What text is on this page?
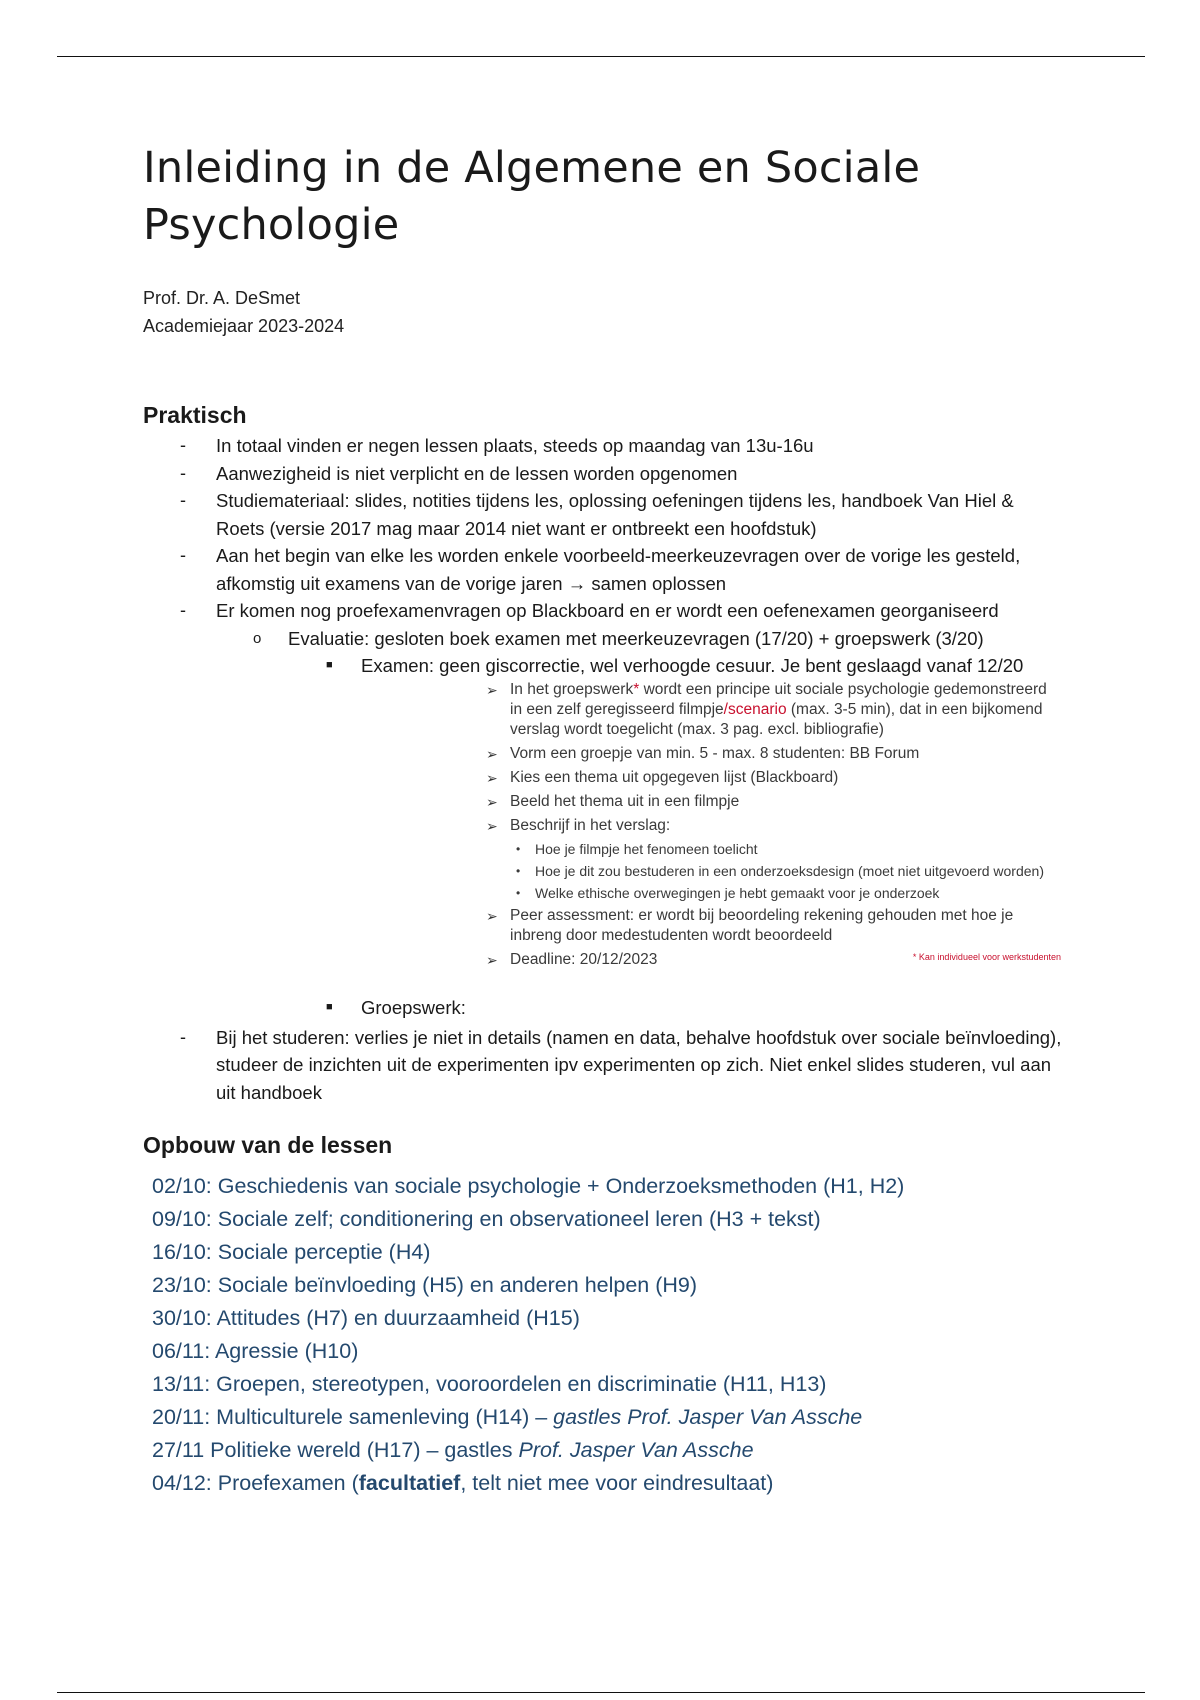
Inleiding in de Algemene en Sociale Psychologie
Prof. Dr. A. DeSmet
Academiejaar 2023-2024
Praktisch
- In totaal vinden er negen lessen plaats, steeds op maandag van 13u-16u
- Aanwezigheid is niet verplicht en de lessen worden opgenomen
- Studiemateriaal: slides, notities tijdens les, oplossing oefeningen tijdens les, handboek Van Hiel & Roets (versie 2017 mag maar 2014 niet want er ontbreekt een hoofdstuk)
- Aan het begin van elke les worden enkele voorbeeld-meerkeuzevragen over de vorige les gesteld, afkomstig uit examens van de vorige jaren → samen oplossen
- Er komen nog proefexamenvragen op Blackboard en er wordt een oefenexamen georganiseerd
o Evaluatie: gesloten boek examen met meerkeuzevragen (17/20) + groepswerk (3/20)
■ Examen: geen giscorrectie, wel verhoogde cesuur. Je bent geslaagd vanaf 12/20
■ Groepswerk:
➢ In het groepswerk* wordt een principe uit sociale psychologie gedemonstreerd in een zelf geregisseerd filmpje/scenario (max. 3-5 min), dat in een bijkomend verslag wordt toegelicht (max. 3 pag. excl. bibliografie)
➢ Vorm een groepje van min. 5 - max. 8 studenten: BB Forum
➢ Kies een thema uit opgegeven lijst (Blackboard)
➢ Beeld het thema uit in een filmpje
➢ Beschrijf in het verslag:
• Hoe je filmpje het fenomeen toelicht
• Hoe je dit zou bestuderen in een onderzoeksdesign (moet niet uitgevoerd worden)
• Welke ethische overwegingen je hebt gemaakt voor je onderzoek
➢ Peer assessment: er wordt bij beoordeling rekening gehouden met hoe je inbreng door medestudenten wordt beoordeeld
➢ Deadline: 20/12/2023	* Kan individueel voor werkstudenten
- Bij het studeren: verlies je niet in details (namen en data, behalve hoofdstuk over sociale beïnvloeding), studeer de inzichten uit de experimenten ipv experimenten op zich. Niet enkel slides studeren, vul aan uit handboek
Opbouw van de lessen
02/10: Geschiedenis van sociale psychologie + Onderzoeksmethoden (H1, H2)
09/10: Sociale zelf; conditionering en observationeel leren (H3 + tekst)
16/10: Sociale perceptie (H4)
23/10: Sociale beïnvloeding (H5) en anderen helpen (H9)
30/10: Attitudes (H7) en duurzaamheid (H15)
06/11: Agressie (H10)
13/11: Groepen, stereotypen, vooroordelen en discriminatie (H11, H13)
20/11: Multiculturele samenleving (H14) – gastles Prof. Jasper Van Assche
27/11 Politieke wereld (H17) – gastles Prof. Jasper Van Assche
04/12: Proefexamen (facultatief, telt niet mee voor eindresultaat)
